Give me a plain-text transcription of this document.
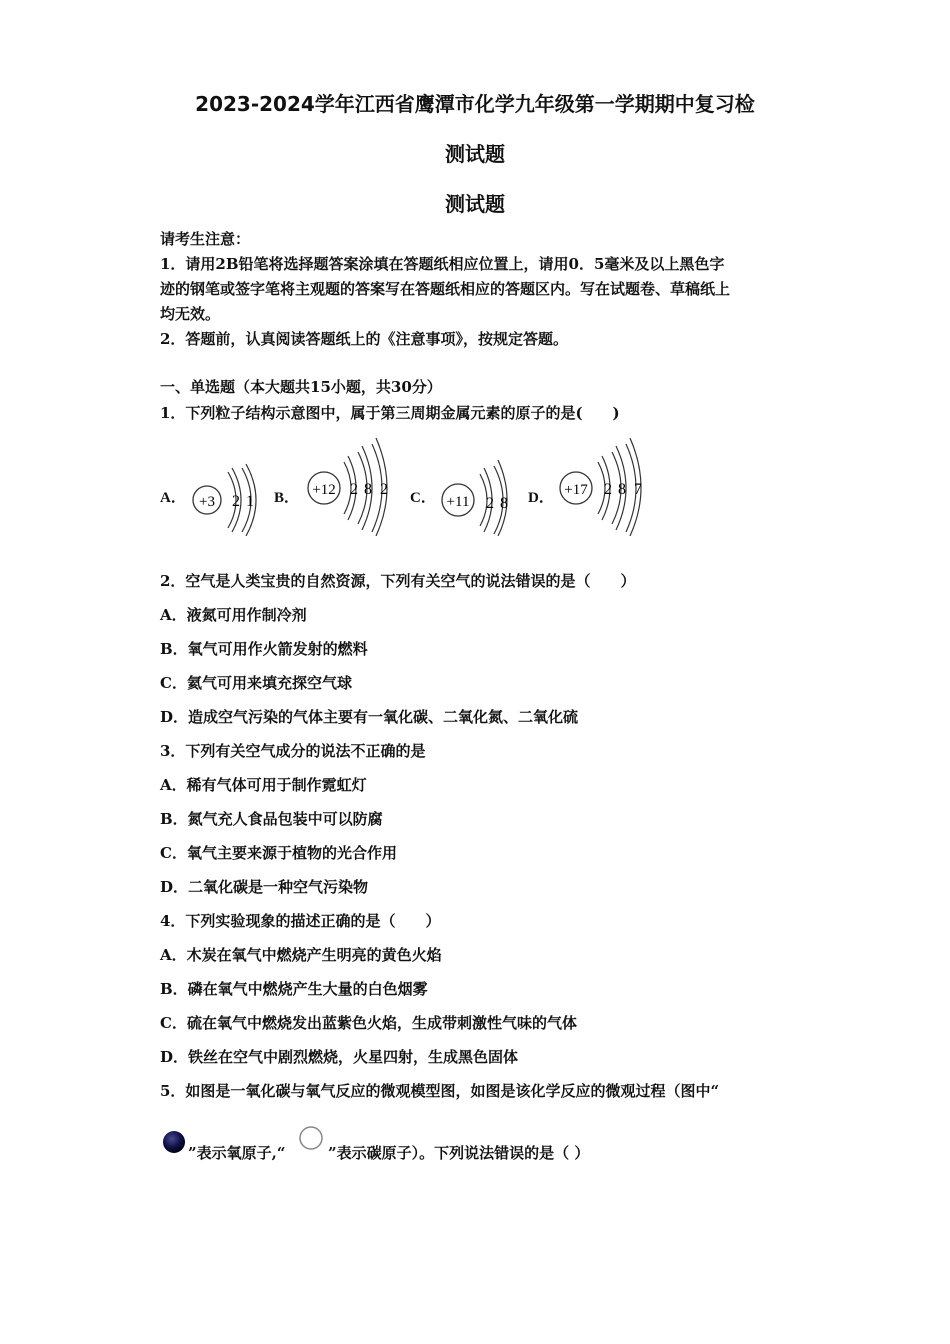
2023-2024学年江西省鹰潭市化学九年级第一学期期中复习检
测试题
测试题
请考生注意：
1．请用2B铅笔将选择题答案涂填在答题纸相应位置上，请用0．5毫米及以上黑色字
迹的钢笔或签字笔将主观题的答案写在答题纸相应的答题区内。写在试题卷、草稿纸上
均无效。
2．答题前，认真阅读答题纸上的《注意事项》，按规定答题。
一、单选题（本大题共15小题，共30分）
1．下列粒子结构示意图中，属于第三周期金属元素的原子的是(　　)
A． +3 2 1 B． +12 2 8 2 C． +11 2 8 D． +17 2 8 7
2．空气是人类宝贵的自然资源，下列有关空气的说法错误的是（　　）
A．液氮可用作制冷剂
B．氧气可用作火箭发射的燃料
C．氦气可用来填充探空气球
D．造成空气污染的气体主要有一氧化碳、二氧化氮、二氧化硫
3．下列有关空气成分的说法不正确的是
A．稀有气体可用于制作霓虹灯
B．氮气充人食品包装中可以防腐
C．氧气主要来源于植物的光合作用
D．二氧化碳是一种空气污染物
4．下列实验现象的描述正确的是（　　）
A．木炭在氧气中燃烧产生明亮的黄色火焰
B．磷在氧气中燃烧产生大量的白色烟雾
C．硫在氧气中燃烧发出蓝紫色火焰，生成带刺激性气味的气体
D．铁丝在空气中剧烈燃烧，火星四射，生成黑色固体
5．如图是一氧化碳与氧气反应的微观模型图，如图是该化学反应的微观过程（图中“
”表示氧原子,“	”表示碳原子）。下列说法错误的是（ ）
